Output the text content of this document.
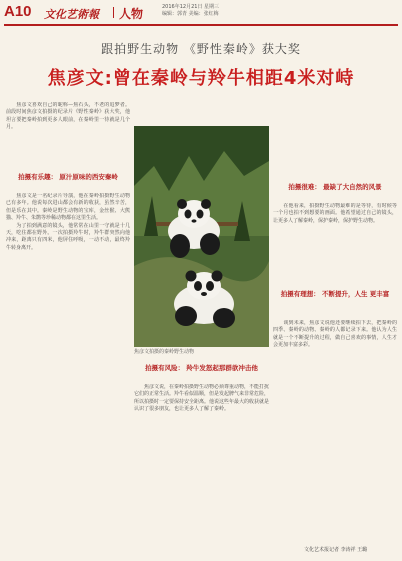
A10 文化艺術報 人物	2016年12月21日 星期三
编辑：郭青 美编：张红梅
跟拍野生动物 《野性秦岭》获大奖
焦彦文:曾在秦岭与羚牛相距4米对峙
　　焦彦文喜欢自己的昵称—焦石头，不老的追梦者。前段时间焦彦文拍摄的纪录片《野性秦岭》获大奖，他坦言要把秦岭拍到更多人眼前，在秦岭里一待就是几个月。
拍摄有乐趣： 原汁原味的西安秦岭
　　焦彦文是一名纪录片导演，他在秦岭拍摄野生动物已有多年。他说每次进山都会有新的收获，虽然辛苦，但是乐在其中。秦岭是野生动物的宝库，金丝猴、大熊猫、羚牛、朱鹮等珍稀动物都在这里生活。
　　为了拍到满意的镜头，他常常在山里一守就是十几天，吃住都在野外。一次拍摄羚牛时，羚牛群突然向他冲来，距离只有四米，他屏住呼吸，一动不动，最终羚牛转身离开。
焦彦文拍摄的秦岭野生动物
拍摄有风险： 羚牛发怒起那群欲冲击他
　　焦彦文说，在秦岭拍摄野生动物必须尊重动物，不能打扰它们的正常生活。羚牛看似温顺，但是发起脾气来非常危险，所以拍摄时一定要保持安全距离。他说这些年最大的收获就是认识了很多朋友，也让更多人了解了秦岭。
拍摄很难： 最缺了大自然的风景
　　在他看来，拍摄野生动物最难的是等待，有时候等一个月也拍不到想要的画面。他希望通过自己的镜头，让更多人了解秦岭，保护秦岭，保护野生动物。
拍摄有理想： 不断提升，人生 更丰富
　　谈到未来，焦彦文说他还要继续拍下去，把秦岭的四季、秦岭的动物、秦岭的人都记录下来。他认为人生就是一个不断提升的过程，做自己喜欢的事情，人生才会更加丰富多彩。
文化艺术报记者 李涛祥 王璐
